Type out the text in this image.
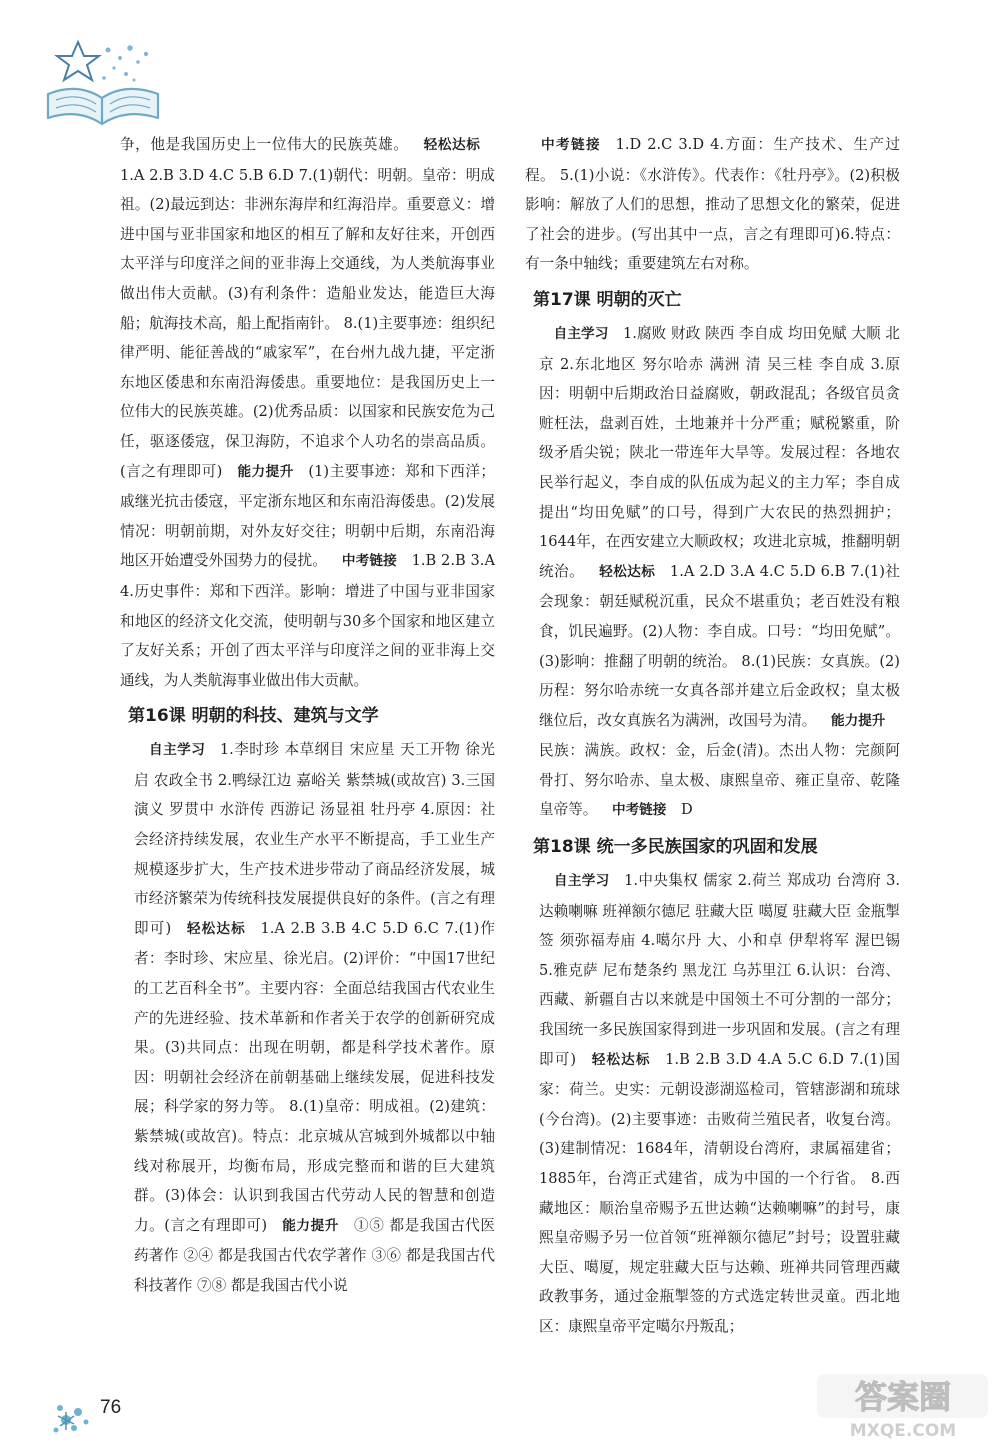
争，他是我国历史上一位伟大的民族英雄。  轻松达标 1.A 2.B 3.D 4.C 5.B 6.D 7.(1)朝代：明朝。皇帝：明成祖。(2)最远到达：非洲东海岸和红海沿岸。重要意义：增进中国与亚非国家和地区的相互了解和友好往来，开创西太平洋与印度洋之间的亚非海上交通线，为人类航海事业做出伟大贡献。(3)有利条件：造船业发达，能造巨大海船；航海技术高，船上配指南针。 8.(1)主要事迹：组织纪律严明、能征善战的“戚家军”，在台州九战九捷，平定浙东地区倭患和东南沿海倭患。重要地位：是我国历史上一位伟大的民族英雄。(2)优秀品质：以国家和民族安危为己任，驱逐倭寇，保卫海防，不追求个人功名的崇高品质。(言之有理即可)  能力提升  (1)主要事迹：郑和下西洋；戚继光抗击倭寇，平定浙东地区和东南沿海倭患。(2)发展情况：明朝前期，对外友好交往；明朝中后期，东南沿海地区开始遭受外国势力的侵扰。  中考链接  1.B 2.B 3.A 4.历史事件：郑和下西洋。影响：增进了中国与亚非国家和地区的经济文化交流，使明朝与30多个国家和地区建立了友好关系；开创了西太平洋与印度洋之间的亚非海上交通线，为人类航海事业做出伟大贡献。

第16课 明朝的科技、建筑与文学

 自主学习  1.李时珍 本草纲目 宋应星 天工开物 徐光启 农政全书 2.鸭绿江边 嘉峪关 紫禁城(或故宫) 3.三国演义 罗贯中 水浒传 西游记 汤显祖 牡丹亭 4.原因：社会经济持续发展，农业生产水平不断提高，手工业生产规模逐步扩大，生产技术进步带动了商品经济发展，城市经济繁荣为传统科技发展提供良好的条件。(言之有理即可)  轻松达标  1.A 2.B 3.B 4.C 5.D 6.C 7.(1)作者：李时珍、宋应星、徐光启。(2)评价：“中国17世纪的工艺百科全书”。主要内容：全面总结我国古代农业生产的先进经验、技术革新和作者关于农学的创新研究成果。(3)共同点：出现在明朝，都是科学技术著作。原因：明朝社会经济在前朝基础上继续发展，促进科技发展；科学家的努力等。 8.(1)皇帝：明成祖。(2)建筑：紫禁城(或故宫)。特点：北京城从宫城到外城都以中轴线对称展开，均衡布局，形成完整而和谐的巨大建筑群。(3)体会：认识到我国古代劳动人民的智慧和创造力。(言之有理即可)  能力提升  ①⑤ 都是我国古代医药著作 ②④ 都是我国古代农学著作 ③⑥ 都是我国古代科技著作 ⑦⑧ 都是我国古代小说

 中考链接  1.D 2.C 3.D 4.方面：生产技术、生产过程。 5.(1)小说：《水浒传》。代表作：《牡丹亭》。(2)积极影响：解放了人们的思想，推动了思想文化的繁荣，促进了社会的进步。(写出其中一点，言之有理即可)6.特点：有一条中轴线；重要建筑左右对称。

第17课 明朝的灭亡

 自主学习  1.腐败 财政 陕西 李自成 均田免赋 大顺 北京 2.东北地区 努尔哈赤 满洲 清 吴三桂 李自成 3.原因：明朝中后期政治日益腐败，朝政混乱；各级官员贪赃枉法，盘剥百姓，土地兼并十分严重；赋税繁重，阶级矛盾尖锐；陕北一带连年大旱等。发展过程：各地农民举行起义，李自成的队伍成为起义的主力军；李自成提出“均田免赋”的口号，得到广大农民的热烈拥护；1644年，在西安建立大顺政权；攻进北京城，推翻明朝统治。  轻松达标  1.A 2.D 3.A 4.C 5.D 6.B 7.(1)社会现象：朝廷赋税沉重，民众不堪重负；老百姓没有粮食，饥民遍野。(2)人物：李自成。口号：“均田免赋”。(3)影响：推翻了明朝的统治。 8.(1)民族：女真族。(2)历程：努尔哈赤统一女真各部并建立后金政权；皇太极继位后，改女真族名为满洲，改国号为清。  能力提升 民族：满族。政权：金，后金(清)。杰出人物：完颜阿骨打、努尔哈赤、皇太极、康熙皇帝、雍正皇帝、乾隆皇帝等。  中考链接  D

第18课 统一多民族国家的巩固和发展

 自主学习  1.中央集权 儒家 2.荷兰 郑成功 台湾府 3.达赖喇嘛 班禅额尔德尼 驻藏大臣 噶厦 驻藏大臣 金瓶掣签 须弥福寿庙 4.噶尔丹 大、小和卓 伊犁将军 渥巴锡 5.雅克萨 尼布楚条约 黑龙江 乌苏里江 6.认识：台湾、西藏、新疆自古以来就是中国领土不可分割的一部分；我国统一多民族国家得到进一步巩固和发展。(言之有理即可)  轻松达标  1.B 2.B 3.D 4.A 5.C 6.D 7.(1)国家：荷兰。史实：元朝设澎湖巡检司，管辖澎湖和琉球(今台湾)。(2)主要事迹：击败荷兰殖民者，收复台湾。(3)建制情况：1684年，清朝设台湾府，隶属福建省；1885年，台湾正式建省，成为中国的一个行省。 8.西藏地区：顺治皇帝赐予五世达赖“达赖喇嘛”的封号，康熙皇帝赐予另一位首领“班禅额尔德尼”封号；设置驻藏大臣、噶厦，规定驻藏大臣与达赖、班禅共同管理西藏政教事务，通过金瓶掣签的方式选定转世灵童。西北地区：康熙皇帝平定噶尔丹叛乱；

76	答案圈
MXQE.COM
